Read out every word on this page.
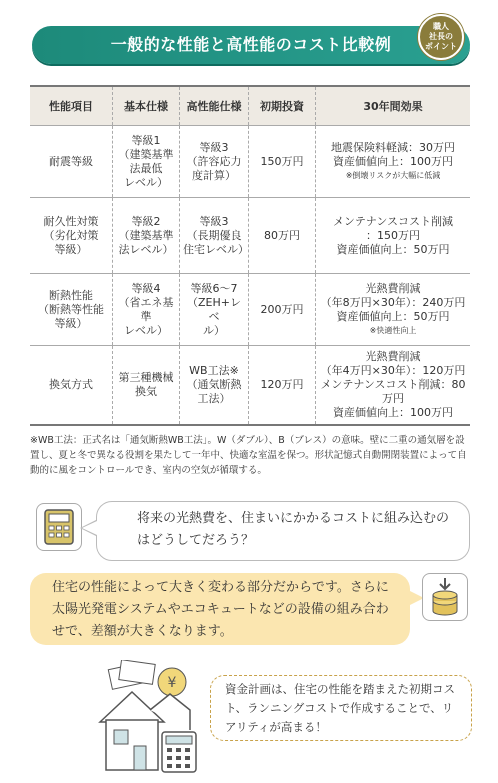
一般的な性能と高性能のコスト比較例
職人
社長の
ポイント
性能項目	基本仕様	高性能仕様	初期投資	30年間効果
耐震等級	等級1
（建築基準
法最低
レベル）	等級3
（許容応力
度計算）	150万円	地震保険料軽減：30万円
資産価値向上：100万円
※倒壊リスクが大幅に低減

耐久性対策
（劣化対策
等級）	等級2
（建築基準
法レベル）	等級3
（長期優良
住宅レベル）	80万円	メンテナンスコスト削減
：150万円
資産価値向上：50万円
断熱性能
（断熱等性能
等級）	等級4
（省エネ基準
レベル）	等級6〜7
（ZEH+レベ
ル）	200万円	光熱費削減
（年8万円×30年）：240万円
資産価値向上：50万円
※快適性向上

換気方式	第三種機械
換気	WB工法※
（通気断熱
工法）	120万円	光熱費削減
（年4万円×30年）：120万円
メンテナンスコスト削減：80万円
資産価値向上：100万円
※WB工法：正式名は「通気断熱WB工法」。W（ダブル）、B（ブレス）の意味。壁に二重の通気層を設置し、夏と冬で異なる役割を果たして一年中、快適な室温を保つ。形状記憶式自動開閉装置によって自動的に風をコントロールでき、室内の空気が循環する。
将来の光熱費を、住まいにかかるコストに組み込むのはどうしてだろう？
住宅の性能によって大きく変わる部分だからです。さらに太陽光発電システムやエコキュートなどの設備の組み合わせで、差額が大きくなります。
¥	資金計画は、住宅の性能を踏まえた初期コスト、ランニングコストで作成することで、リアリティが高まる！
